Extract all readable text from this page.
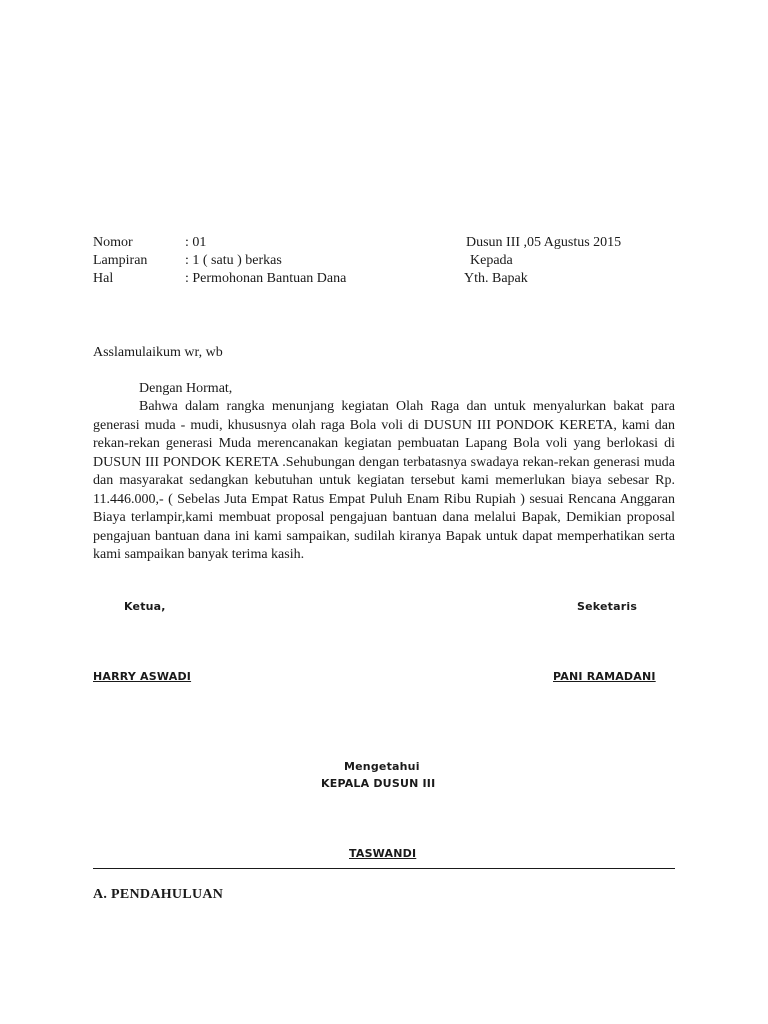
Nomor	: 01
Lampiran	: 1 ( satu ) berkas
Hal	: Permohonan Bantuan Dana
Dusun III ,05 Agustus 2015
Kepada
Yth. Bapak
Asslamulaikum wr, wb
Dengan Hormat,

Bahwa dalam rangka menunjang kegiatan Olah Raga dan untuk menyalurkan bakat para generasi muda - mudi, khususnya olah raga Bola voli di DUSUN III PONDOK KERETA, kami dan rekan-rekan generasi Muda merencanakan kegiatan pembuatan Lapang Bola voli yang berlokasi di DUSUN III PONDOK KERETA .Sehubungan dengan terbatasnya swadaya rekan-rekan generasi muda dan masyarakat sedangkan kebutuhan untuk kegiatan tersebut kami memerlukan biaya sebesar Rp. 11.446.000,- ( Sebelas Juta Empat Ratus Empat Puluh Enam Ribu Rupiah ) sesuai Rencana Anggaran Biaya terlampir,kami membuat proposal pengajuan bantuan dana melalui Bapak, Demikian proposal pengajuan bantuan dana ini kami sampaikan, sudilah kiranya Bapak untuk dapat memperhatikan serta kami sampaikan banyak terima kasih.

Ketua,	Seketaris
HARRY ASWADI	PANI RAMADANI
Mengetahui
KEPALA DUSUN III
TASWANDI
A. PENDAHULUAN
